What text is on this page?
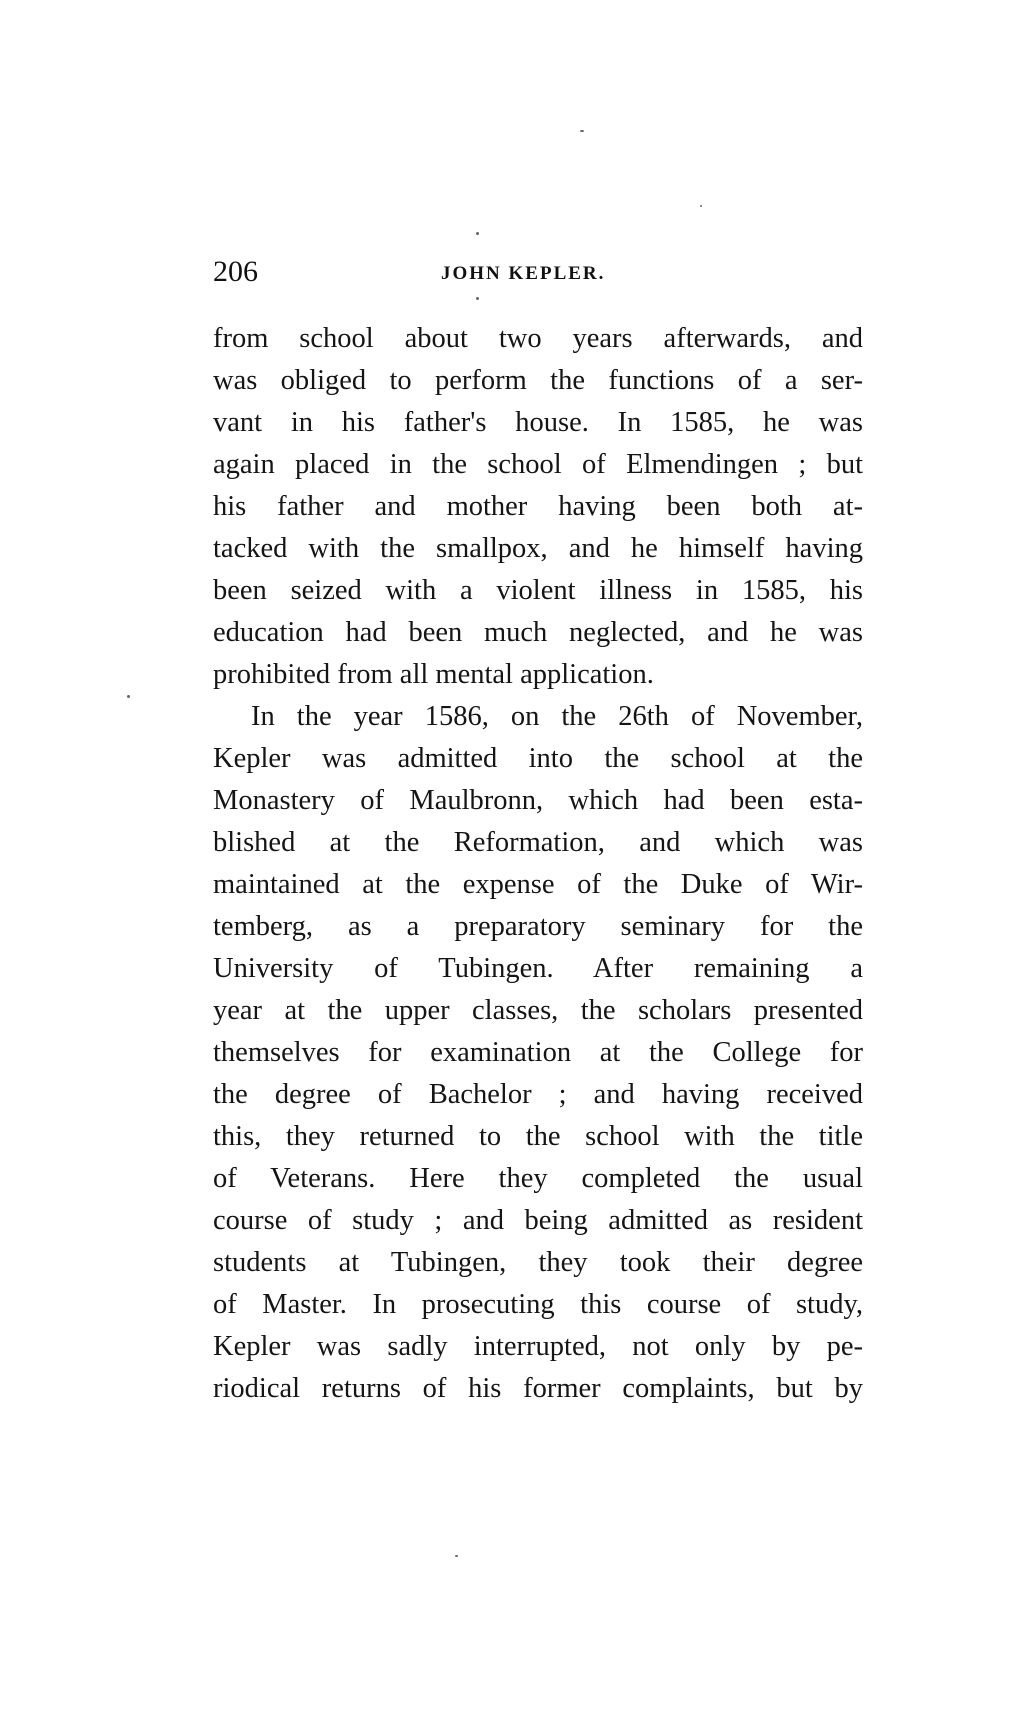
206	JOHN KEPLER.
from school about two years afterwards, and
was obliged to perform the functions of a ser-
vant in his father's house. In 1585, he was
again placed in the school of Elmendingen ; but
his father and mother having been both at-
tacked with the smallpox, and he himself having
been seized with a violent illness in 1585, his
education had been much neglected, and he was
prohibited from all mental application.
In the year 1586, on the 26th of November,
Kepler was admitted into the school at the
Monastery of Maulbronn, which had been esta-
blished at the Reformation, and which was
maintained at the expense of the Duke of Wir-
temberg, as a preparatory seminary for the
University of Tubingen. After remaining a
year at the upper classes, the scholars presented
themselves for examination at the College for
the degree of Bachelor ; and having received
this, they returned to the school with the title
of Veterans. Here they completed the usual
course of study ; and being admitted as resident
students at Tubingen, they took their degree
of Master. In prosecuting this course of study,
Kepler was sadly interrupted, not only by pe-
riodical returns of his former complaints, but by
